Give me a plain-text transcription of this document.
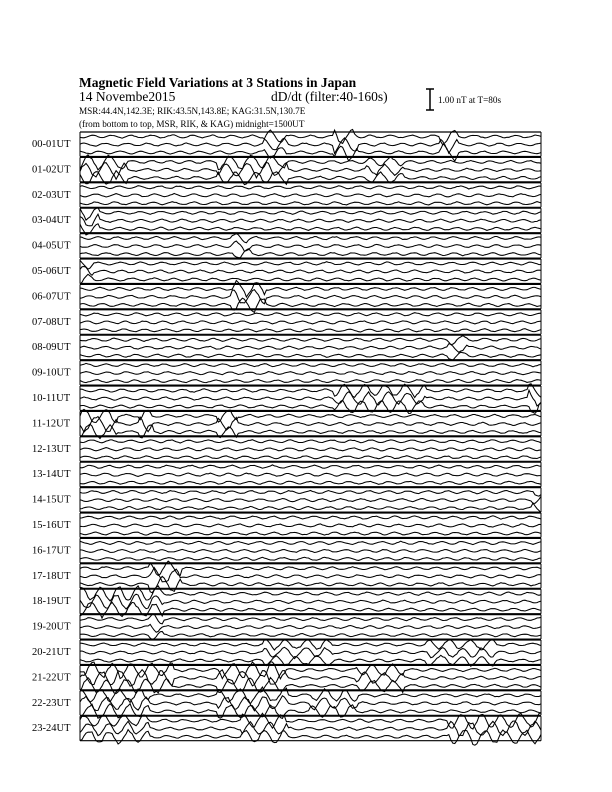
Magnetic Field Variations at 3 Stations in Japan
14 Novembe2015	dD/dt (filter:40-160s)
MSR:44.4N,142.3E; RIK:43.5N,143.8E; KAG:31.5N,130.7E
(from bottom to top, MSR, RIK, & KAG) midnight=1500UT
1.00 nT at T=80s
00-01UT
01-02UT
02-03UT
03-04UT
04-05UT
05-06UT
06-07UT
07-08UT
08-09UT
09-10UT
10-11UT
11-12UT
12-13UT
13-14UT
14-15UT
15-16UT
16-17UT
17-18UT
18-19UT
19-20UT
20-21UT
21-22UT
22-23UT
23-24UT
